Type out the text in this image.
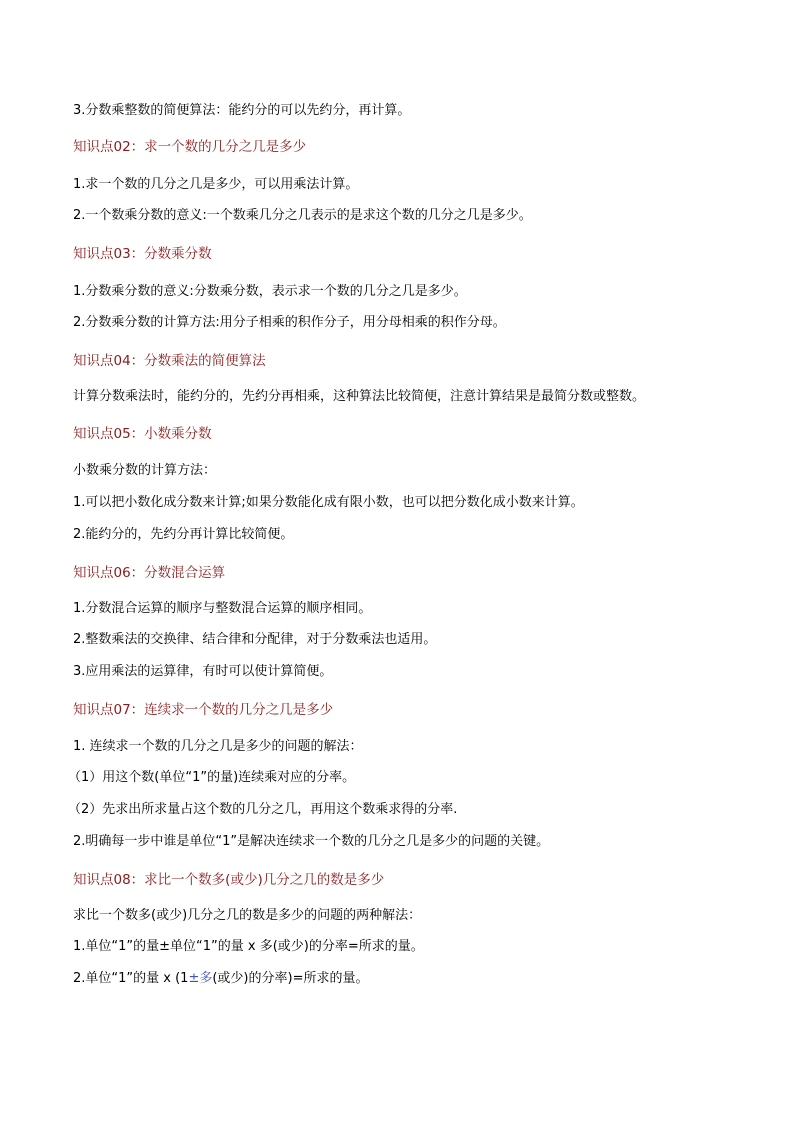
3.分数乘整数的简便算法：能约分的可以先约分，再计算。
知识点02：求一个数的几分之几是多少
1.求一个数的几分之几是多少，可以用乘法计算。
2.一个数乘分数的意义:一个数乘几分之几表示的是求这个数的几分之几是多少。
知识点03：分数乘分数
1.分数乘分数的意义:分数乘分数，表示求一个数的几分之几是多少。
2.分数乘分数的计算方法:用分子相乘的积作分子，用分母相乘的积作分母。
知识点04：分数乘法的简便算法
计算分数乘法时，能约分的，先约分再相乘，这种算法比较简便，注意计算结果是最简分数或整数。
知识点05：小数乘分数
小数乘分数的计算方法：
1.可以把小数化成分数来计算;如果分数能化成有限小数，也可以把分数化成小数来计算。
2.能约分的，先约分再计算比较简便。
知识点06：分数混合运算
1.分数混合运算的顺序与整数混合运算的顺序相同。
2.整数乘法的交换律、结合律和分配律，对于分数乘法也适用。
3.应用乘法的运算律，有时可以使计算简便。
知识点07：连续求一个数的几分之几是多少
1. 连续求一个数的几分之几是多少的问题的解法：
（1）用这个数(单位“1”的量)连续乘对应的分率。
（2）先求出所求量占这个数的几分之几，再用这个数乘求得的分率.
2.明确每一步中谁是单位“1”是解决连续求一个数的几分之几是多少的问题的关键。
知识点08：求比一个数多(或少)几分之几的数是多少
求比一个数多(或少)几分之几的数是多少的问题的两种解法：
1.单位“1”的量±单位“1”的量 x 多(或少)的分率=所求的量。
2.单位“1”的量 x (1±多(或少)的分率)=所求的量。
